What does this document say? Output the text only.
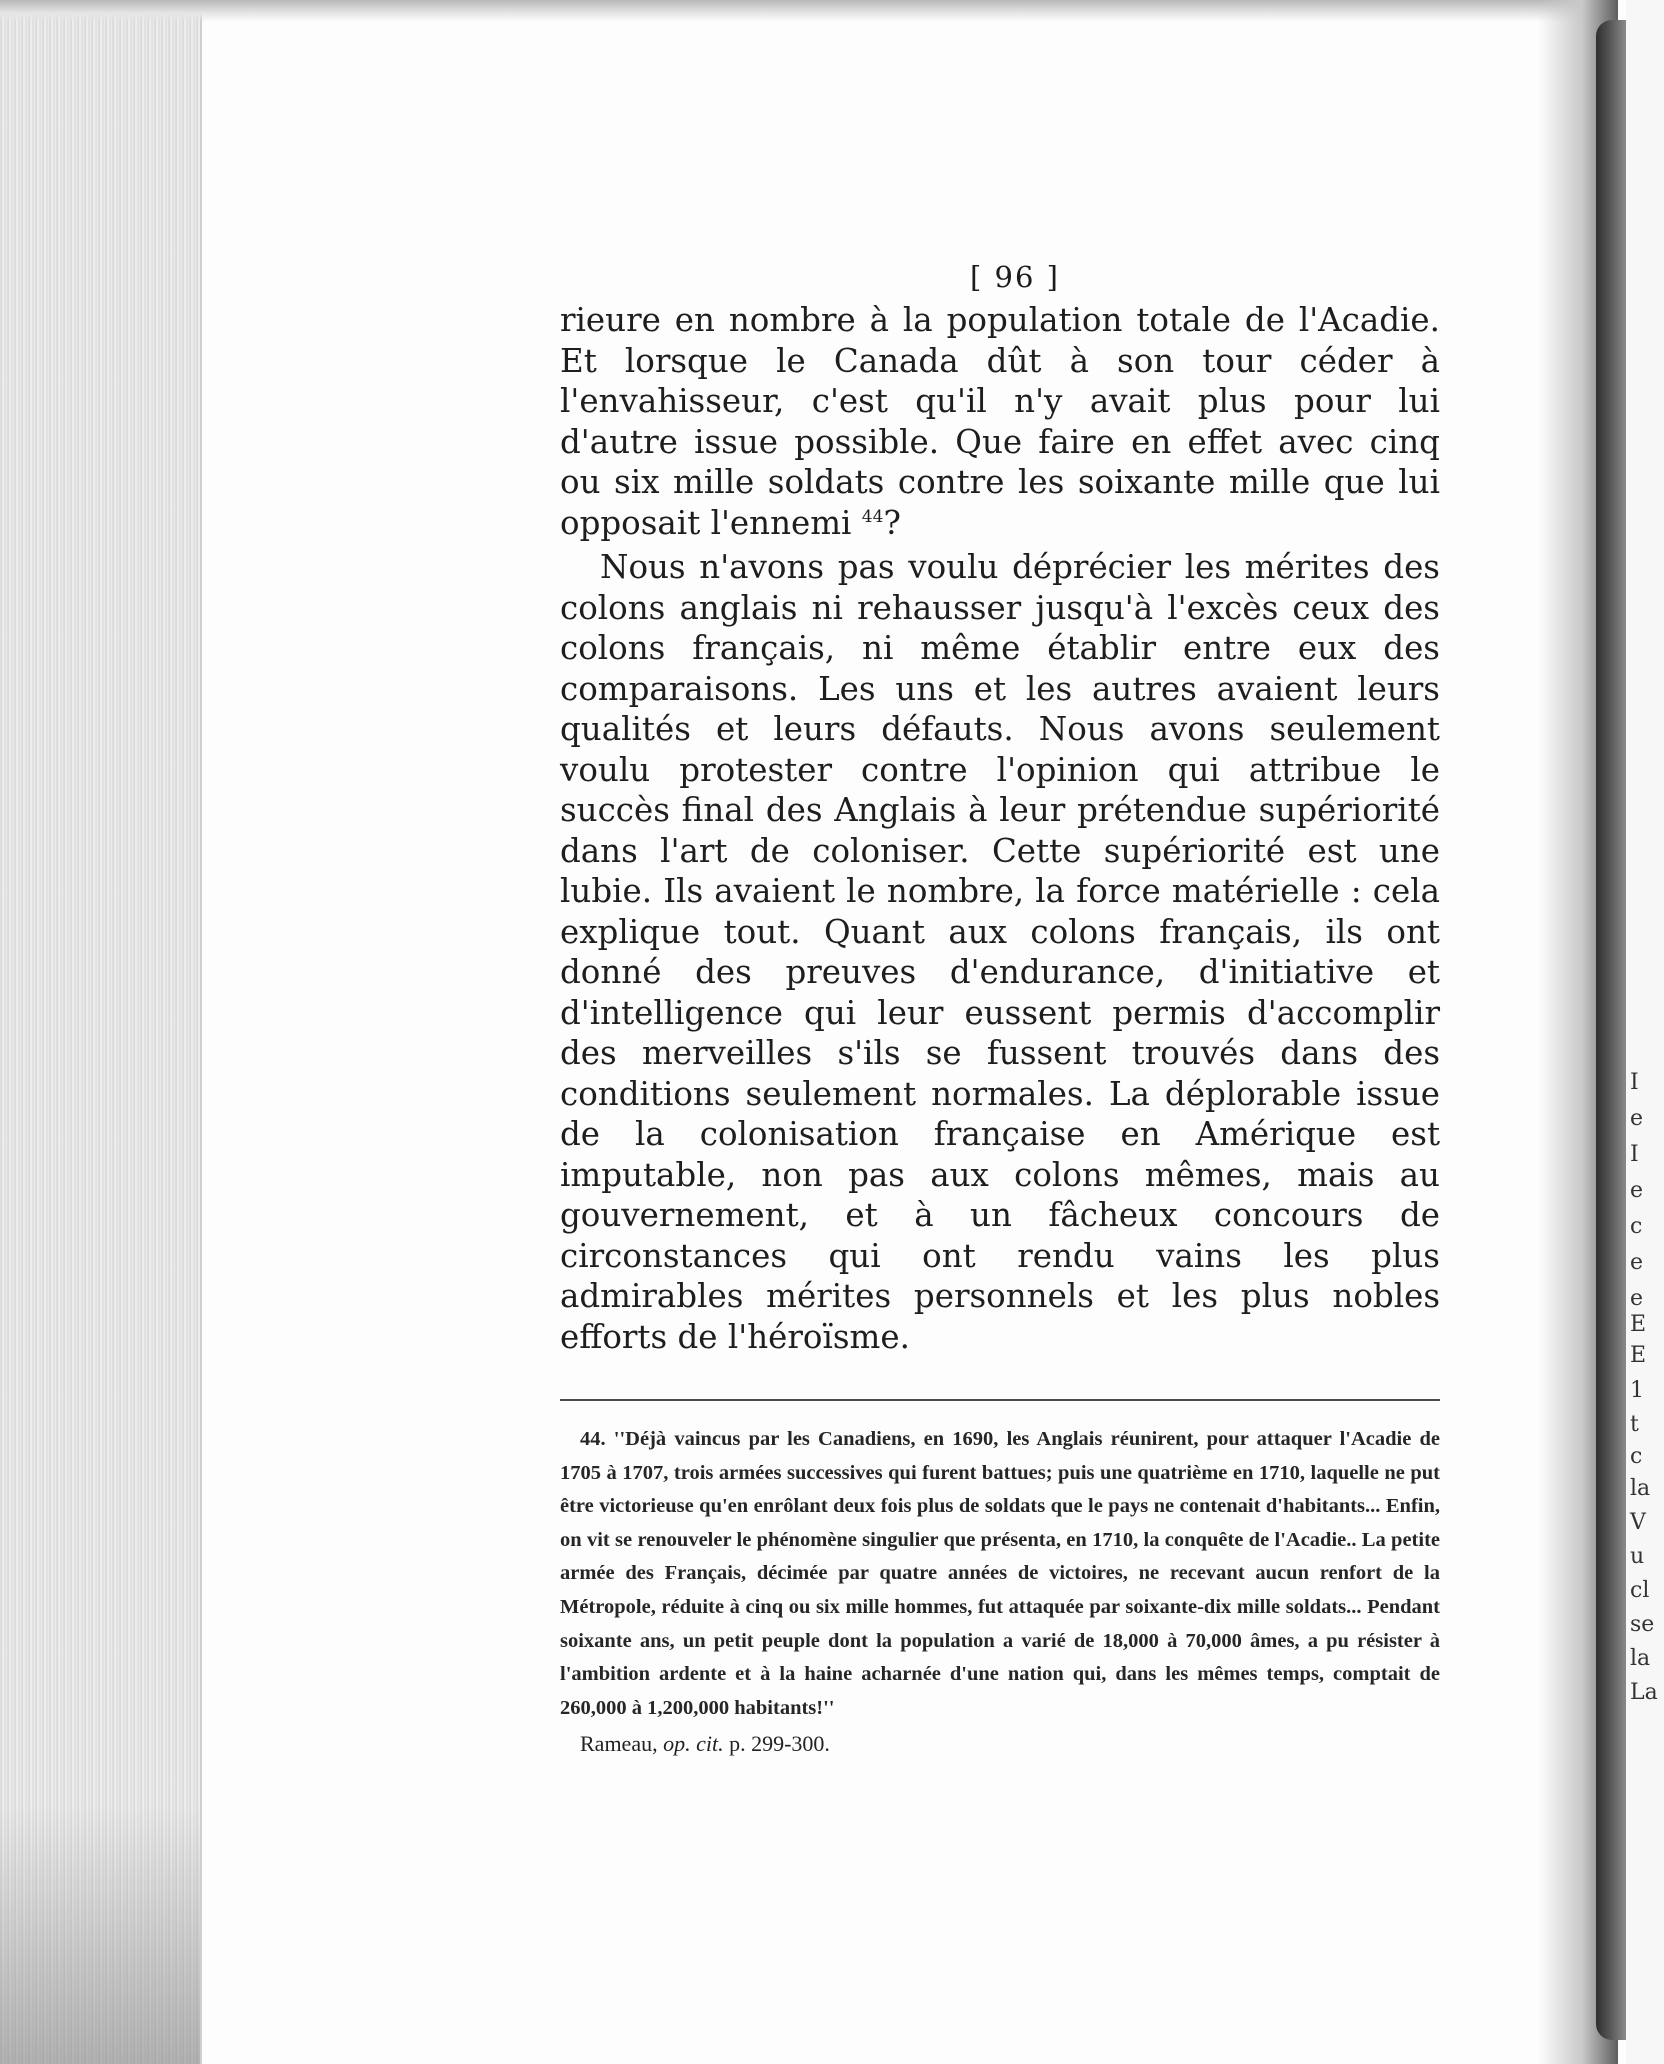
I
e
I
e
c
e
e
E
E
1
t
c
la
V
u
cl
se
la
La
[ 96 ]

rieure en nombre à la population totale de l'Acadie. Et lorsque le Canada dût à son tour céder à l'envahisseur, c'est qu'il n'y avait plus pour lui d'autre issue possible. Que faire en effet avec cinq ou six mille soldats contre les soixante mille que lui opposait l'ennemi $^{44}$?

Nous n'avons pas voulu déprécier les mérites des colons anglais ni rehausser jusqu'à l'excès ceux des colons français, ni même établir entre eux des comparaisons. Les uns et les autres avaient leurs qualités et leurs défauts. Nous avons seulement voulu protester contre l'opinion qui attribue le succès final des Anglais à leur prétendue supériorité dans l'art de coloniser. Cette supériorité est une lubie. Ils avaient le nombre, la force matérielle : cela explique tout. Quant aux colons français, ils ont donné des preuves d'endurance, d'initiative et d'intelligence qui leur eussent permis d'accomplir des merveilles s'ils se fussent trouvés dans des conditions seulement normales. La déplorable issue de la colonisation française en Amérique est imputable, non pas aux colons mêmes, mais au gouvernement, et à un fâcheux concours de circonstances qui ont rendu vains les plus admirables mérites personnels et les plus nobles efforts de l'héroïsme.

44. ''Déjà vaincus par les Canadiens, en 1690, les Anglais réunirent, pour attaquer l'Acadie de 1705 à 1707, trois armées successives qui furent battues; puis une quatrième en 1710, laquelle ne put être victorieuse qu'en enrôlant deux fois plus de soldats que le pays ne contenait d'habitants... Enfin, on vit se renouveler le phénomène singulier que présenta, en 1710, la conquête de l'Acadie.. La petite armée des Français, décimée par quatre années de victoires, ne recevant aucun renfort de la Métropole, réduite à cinq ou six mille hommes, fut attaquée par soixante-dix mille soldats... Pendant soixante ans, un petit peuple dont la population a varié de 18,000 à 70,000 âmes, a pu résister à l'ambition ardente et à la haine acharnée d'une nation qui, dans les mêmes temps, comptait de 260,000 à 1,200,000 habitants!''

Rameau, op. cit. p. 299-300.
